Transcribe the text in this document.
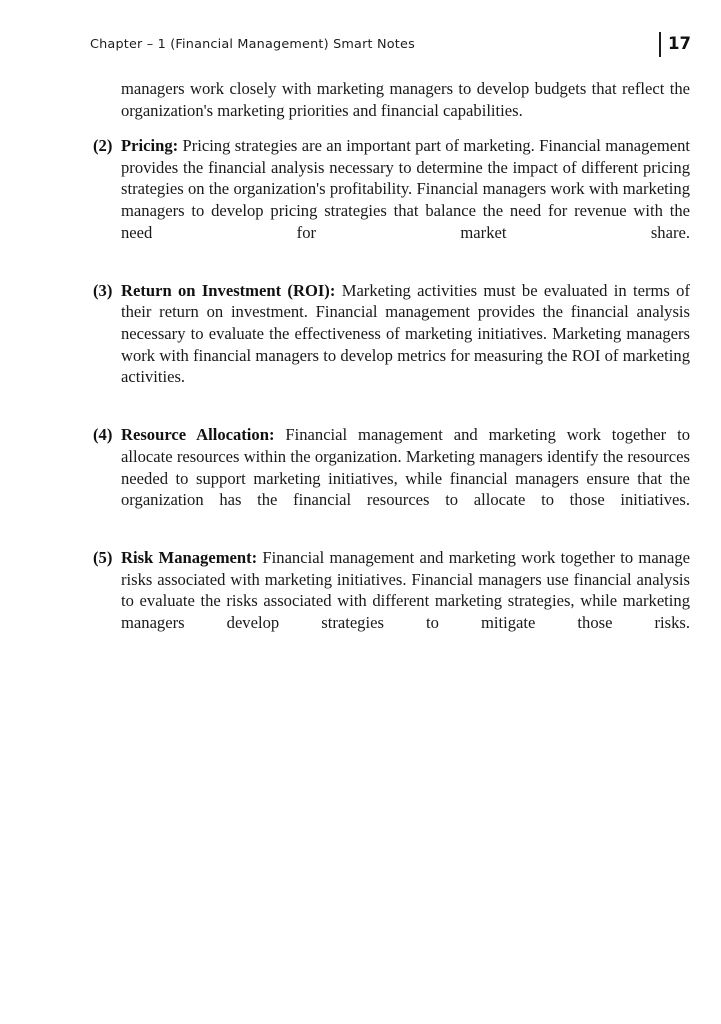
Chapter – 1 (Financial Management) Smart Notes	17

managers work closely with marketing managers to develop budgets that reflect the organization's marketing priorities and financial capabilities.

(2) Pricing: Pricing strategies are an important part of marketing. Financial management provides the financial analysis necessary to determine the impact of different pricing strategies on the organization's profitability. Financial managers work with marketing managers to develop pricing strategies that balance the need for revenue with the need for market share.
(3) Return on Investment (ROI): Marketing activities must be evaluated in terms of their return on investment. Financial management provides the financial analysis necessary to evaluate the effectiveness of marketing initiatives. Marketing managers work with financial managers to develop metrics for measuring the ROI of marketing activities.
(4) Resource Allocation: Financial management and marketing work together to allocate resources within the organization. Marketing managers identify the resources needed to support marketing initiatives, while financial managers ensure that the organization has the financial resources to allocate to those initiatives.
(5) Risk Management: Financial management and marketing work together to manage risks associated with marketing initiatives. Financial managers use financial analysis to evaluate the risks associated with different marketing strategies, while marketing managers develop strategies to mitigate those risks.
